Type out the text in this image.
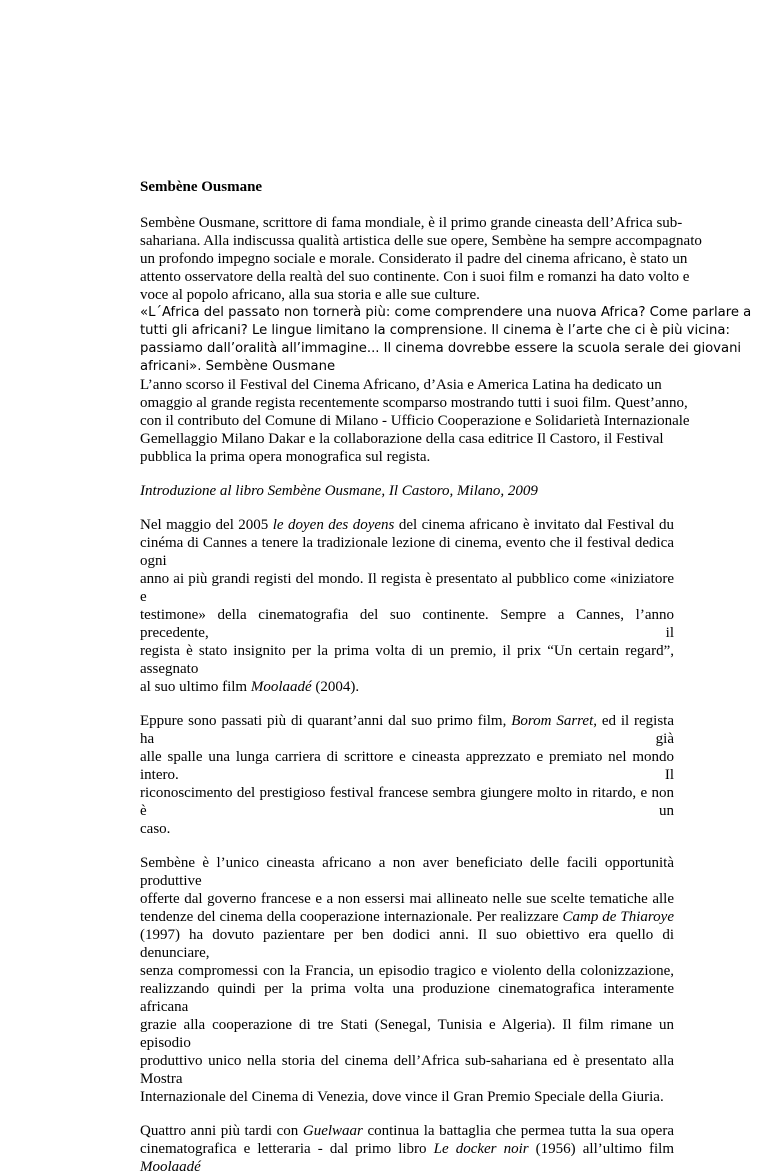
Sembène Ousmane

Sembène Ousmane, scrittore di fama mondiale, è il primo grande cineasta dell’Africa sub-
sahariana. Alla indiscussa qualità artistica delle sue opere, Sembène ha sempre accompagnato
un profondo impegno sociale e morale. Considerato il padre del cinema africano, è stato un
attento osservatore della realtà del suo continente. Con i suoi film e romanzi ha dato volto e
voce al popolo africano, alla sua storia e alle sue culture.
«L´Africa del passato non tornerà più: come comprendere una nuova Africa? Come parlare a
tutti gli africani? Le lingue limitano la comprensione. Il cinema è l’arte che ci è più vicina:
passiamo dall’oralità all’immagine... Il cinema dovrebbe essere la scuola serale dei giovani
africani». Sembène Ousmane
L’anno scorso il Festival del Cinema Africano, d’Asia e America Latina ha dedicato un
omaggio al grande regista recentemente scomparso mostrando tutti i suoi film. Quest’anno,
con il contributo del Comune di Milano - Ufficio Cooperazione e Solidarietà Internazionale
Gemellaggio Milano Dakar e la collaborazione della casa editrice Il Castoro, il Festival
pubblica la prima opera monografica sul regista.

Introduzione al libro Sembène Ousmane, Il Castoro, Milano, 2009

Nel maggio del 2005 le doyen des doyens del cinema africano è invitato dal Festival du
cinéma di Cannes a tenere la tradizionale lezione di cinema, evento che il festival dedica ogni
anno ai più grandi registi del mondo. Il regista è presentato al pubblico come «iniziatore e
testimone» della cinematografia del suo continente. Sempre a Cannes, l’anno precedente, il
regista è stato insignito per la prima volta di un premio, il prix “Un certain regard”, assegnato
al suo ultimo film Moolaadé (2004).
Eppure sono passati più di quarant’anni dal suo primo film, Borom Sarret, ed il regista ha già
alle spalle una lunga carriera di scrittore e cineasta apprezzato e premiato nel mondo intero. Il
riconoscimento del prestigioso festival francese sembra giungere molto in ritardo, e non è un
caso.
Sembène è l’unico cineasta africano a non aver beneficiato delle facili opportunità produttive
offerte dal governo francese e a non essersi mai allineato nelle sue scelte tematiche alle
tendenze del cinema della cooperazione internazionale. Per realizzare Camp de Thiaroye
(1997) ha dovuto pazientare per ben dodici anni. Il suo obiettivo era quello di denunciare,
senza compromessi con la Francia, un episodio tragico e violento della colonizzazione,
realizzando quindi per la prima volta una produzione cinematografica interamente africana
grazie alla cooperazione di tre Stati (Senegal, Tunisia e Algeria). Il film rimane un episodio
produttivo unico nella storia del cinema dell’Africa sub-sahariana ed è presentato alla Mostra
Internazionale del Cinema di Venezia, dove vince il Gran Premio Speciale della Giuria.
Quattro anni più tardi con Guelwaar continua la battaglia che permea tutta la sua opera
cinematografica e letteraria - dal primo libro Le docker noir (1956) all’ultimo film Moolaadé
